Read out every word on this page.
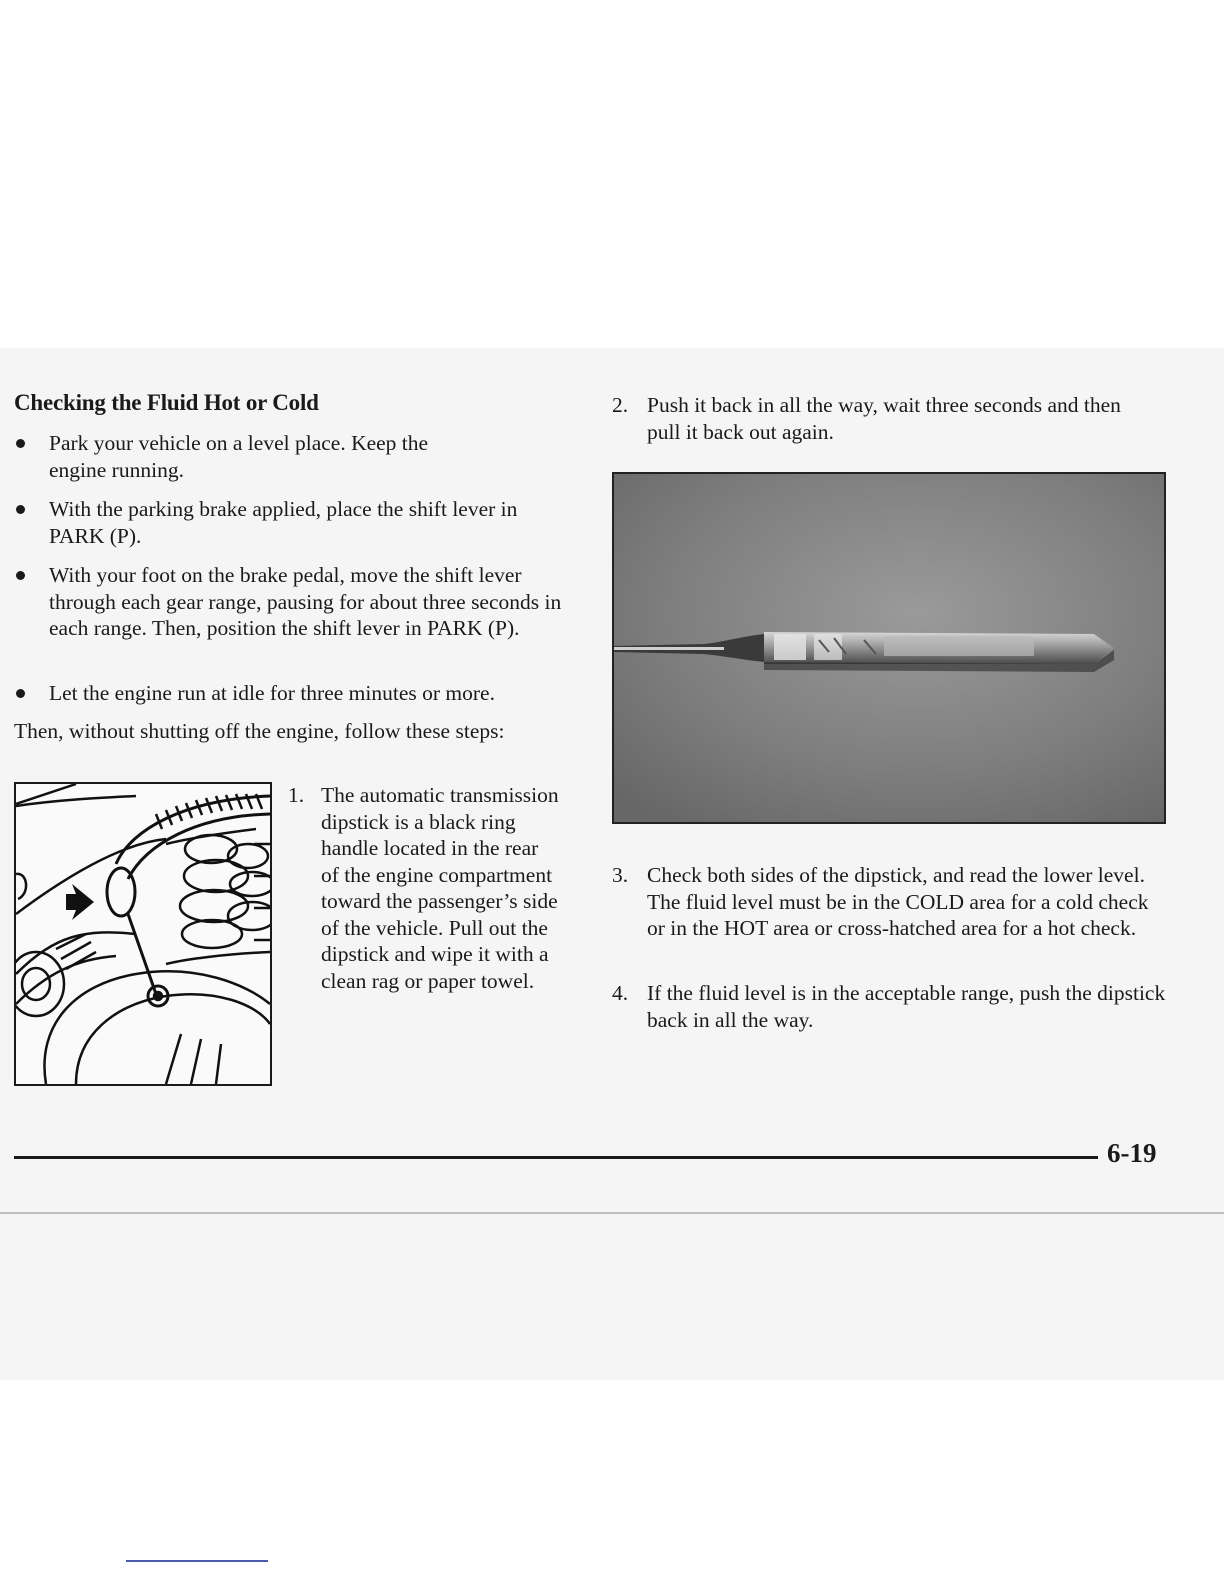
Checking the Fluid Hot or Cold
Park your vehicle on a level place. Keep the engine running.
With the parking brake applied, place the shift lever in PARK (P).
With your foot on the brake pedal, move the shift lever through each gear range, pausing for about three seconds in each range. Then, position the shift lever in PARK (P).
Let the engine run at idle for three minutes or more.
Then, without shutting off the engine, follow these steps:
1. The automatic transmission dipstick is a black ring handle located in the rear of the engine compartment toward the passenger’s side of the vehicle. Pull out the dipstick and wipe it with a clean rag or paper towel.
2. Push it back in all the way, wait three seconds and then pull it back out again.
3. Check both sides of the dipstick, and read the lower level. The fluid level must be in the COLD area for a cold check or in the HOT area or cross-hatched area for a hot check.
4. If the fluid level is in the acceptable range, push the dipstick back in all the way.
6-19
